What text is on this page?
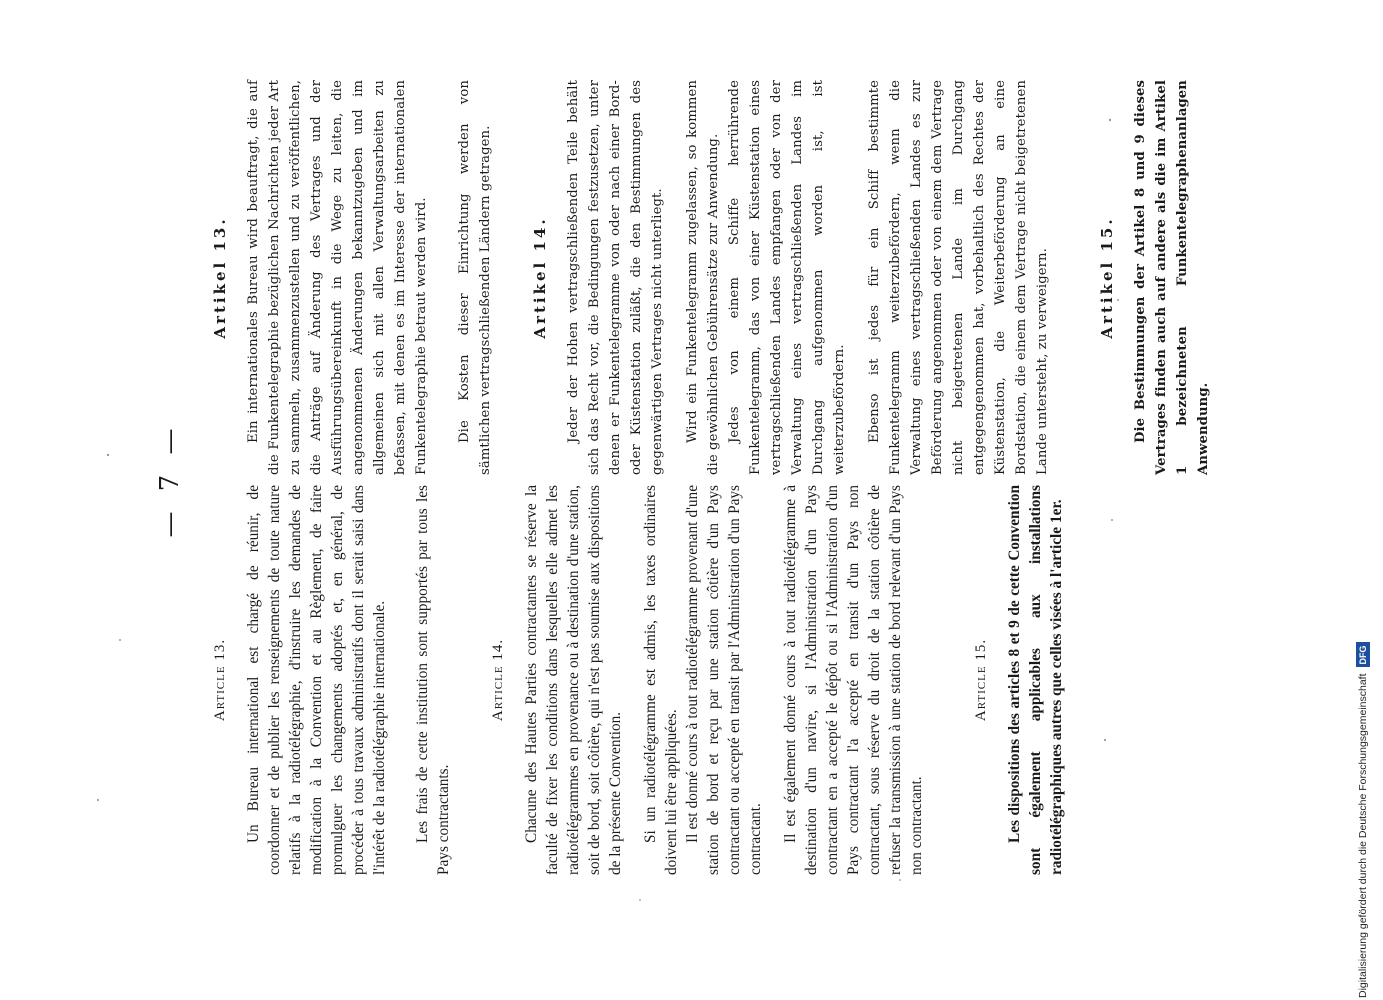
— 7 —
Article 13. Un Bureau international est chargé de réunir, de coordonner et de publier les renseignements de toute nature relatifs à la radiotélégraphie, d'instruire les demandes de modification à la Convention et au Règlement, de faire promulguer les changements adoptés et, en général, de procéder à tous travaux administratifs dont il serait saisi dans l'intérêt de la radiotélégraphie internationale. Les frais de cette institution sont supportés par tous les Pays contractants.

Article 14. Chacune des Hautes Parties contractantes se réserve la faculté de fixer les conditions dans lesquelles elle admet les radiotélégrammes en provenance ou à destination d'une station, soit de bord, soit côtière, qui n'est pas soumise aux dispositions de la présente Convention. Si un radiotélégramme est admis, les taxes ordinaires doivent lui être appliquées. Il est donné cours à tout radiotélégramme provenant d'une station de bord et reçu par une station côtière d'un Pays contractant ou accepté en transit par l'Administration d'un Pays contractant. Il est également donné cours à tout radiotélégramme à destination d'un navire, si l'Administration d'un Pays contractant en a accepté le dépôt ou si l'Administration d'un Pays contractant l'a accepté en transit d'un Pays non contractant, sous réserve du droit de la station côtière de refuser la transmission à une station de bord relevant d'un Pays non contractant.

Article 15. Les dispositions des articles 8 et 9 de cette Convention sont également applicables aux installations radiotélégraphiques autres que celles visées à l'article 1er.

Artikel 13. Ein internationales Bureau wird beauftragt, die auf die Funkentelegraphie bezüglichen Nachrichten jeder Art zu sammeln, zusammenzustellen und zu veröffentlichen, die Anträge auf Änderung des Vertrages und der Ausführungsübereinkunft in die Wege zu leiten, die angenommenen Änderungen bekanntzugeben und im allgemeinen sich mit allen Verwaltungsarbeiten zu befassen, mit denen es im Interesse der internationalen Funkentelegraphie betraut werden wird. Die Kosten dieser Einrichtung werden von sämtlichen vertragschließenden Ländern getragen.	Artikel 14. Jeder der Hohen vertragschließenden Teile behält sich das Recht vor, die Bedingungen festzusetzen, unter denen er Funkentelegramme von oder nach einer Bord- oder Küstenstation zuläßt, die den Bestimmungen des gegenwärtigen Vertrages nicht unterliegt. Wird ein Funkentelegramm zugelassen, so kommen die gewöhnlichen Gebührensätze zur Anwendung. Jedes von einem Schiffe herrührende Funkentelegramm, das von einer Küstenstation eines vertragschließenden Landes empfangen oder von der Verwaltung eines vertragschließenden Landes im Durchgang aufgenommen worden ist, ist weiterzubefördern. Ebenso ist jedes für ein Schiff bestimmte Funkentelegramm weiterzubefördern, wenn die Verwaltung eines vertragschließenden Landes es zur Beförderung angenommen oder von einem dem Vertrage nicht beigetretenen Lande im Durchgang entgegengenommen hat, vorbehaltlich des Rechtes der Küstenstation, die Weiterbeförderung an eine Bordstation, die einem dem Vertrage nicht beigetretenen Lande untersteht, zu verweigern.	Artikel 15. Die Bestimmungen der Artikel 8 und 9 dieses Vertrages finden auch auf andere als die im Artikel 1 bezeichneten Funkentelegraphenanlagen Anwendung.

Digitalisierung gefördert durch die Deutsche Forschungsgemeinschaft
DFG
